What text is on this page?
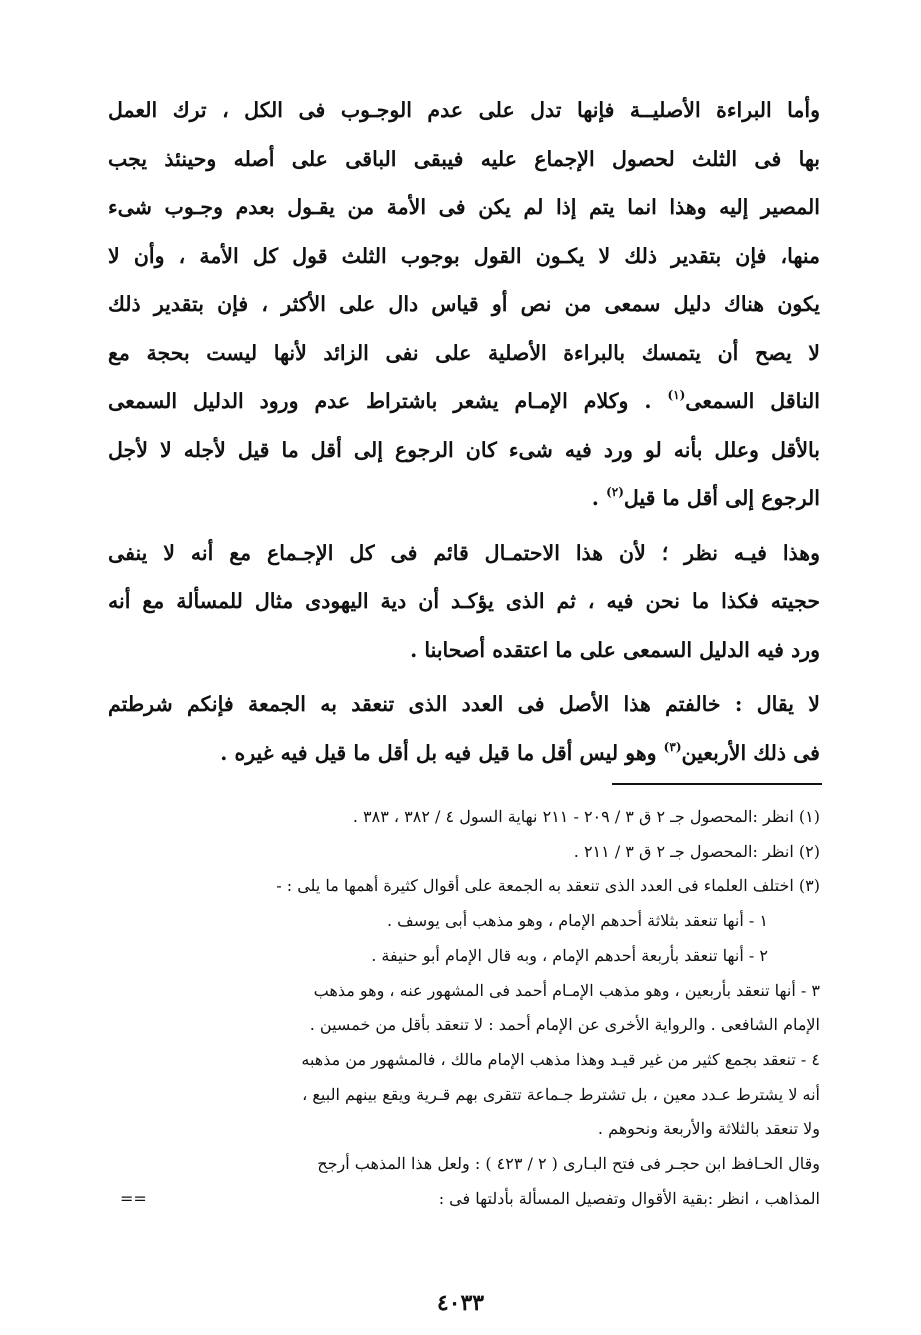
وأما البراءة الأصليــة فإنها تدل على عدم الوجـوب فى الكل ، ترك العمل
بها فى الثلث لحصول الإجماع عليه فيبقى الباقى على أصله وحينئذ يجب
المصير إليه وهذا انما يتم إذا لم يكن فى الأمة من يقـول بعدم وجـوب شىء
منها، فإن بتقدير ذلك لا يكـون القول بوجوب الثلث قول كل الأمة ، وأن لا
يكون هناك دليل سمعى من نص أو قياس دال على الأكثر ، فإن بتقدير ذلك
لا يصح أن يتمسك بالبراءة الأصلية على نفى الزائد لأنها ليست بحجة مع
الناقل السمعى$^{(١)}$ . وكلام الإمـام يشعر باشتراط عدم ورود الدليل السمعى
بالأقل وعلل بأنه لو ورد فيه شىء كان الرجوع إلى أقل ما قيل لأجله لا لأجل
الرجوع إلى أقل ما قيل$^{(٢)}$ .

وهذا فيـه نظر ؛ لأن هذا الاحتمـال قائم فى كل الإجـماع مع أنه لا ينفى
حجيته فكذا ما نحن فيه ، ثم الذى يؤكـد أن دية اليهودى مثال للمسألة مع أنه
ورد فيه الدليل السمعى على ما اعتقده أصحابنا .

لا يقال : خالفتم هذا الأصل فى العدد الذى تنعقد به الجمعة فإنكم شرطتم
فى ذلك الأربعين$^{(٣)}$ وهو ليس أقل ما قيل فيه بل أقل ما قيل فيه غيره .

(١) انظر :المحصول جـ ٢ ق ٣ / ٢٠٩ - ٢١١ نهاية السول ٤ / ٣٨٢ ، ٣٨٣ .
(٢) انظر :المحصول جـ ٢ ق ٣ / ٢١١ .
(٣) اختلف العلماء فى العدد الذى تنعقد به الجمعة على أقوال كثيرة أهمها ما يلى : -
١ - أنها تنعقد بثلاثة أحدهم الإمام ، وهو مذهب أبى يوسف .
٢ - أنها تنعقد بأربعة أحدهم الإمام ، وبه قال الإمام أبو حنيفة .
٣ - أنها تنعقد بأربعين ، وهو مذهب الإمـام أحمد فى المشهور عنه ، وهو مذهب
الإمام الشافعى . والرواية الأخرى عن الإمام أحمد : لا تنعقد بأقل من خمسين .
٤ - تنعقد بجمع كثير من غير قيـد وهذا مذهب الإمام مالك ، فالمشهور من مذهبه
أنه لا يشترط عـدد معين ، بل تشترط جـماعة تتقرى بهم قـرية ويقع بينهم البيع ،
ولا تنعقد بالثلاثة والأربعة ونحوهم .
وقال الحـافظ ابن حجـر فى فتح البـارى ( ٢ / ٤٢٣ ) : ولعل هذا المذهب أرجح
المذاهب ، انظر :بقية الأقوال وتفصيل المسألة بأدلتها فى :
==
٤٠٣٣
